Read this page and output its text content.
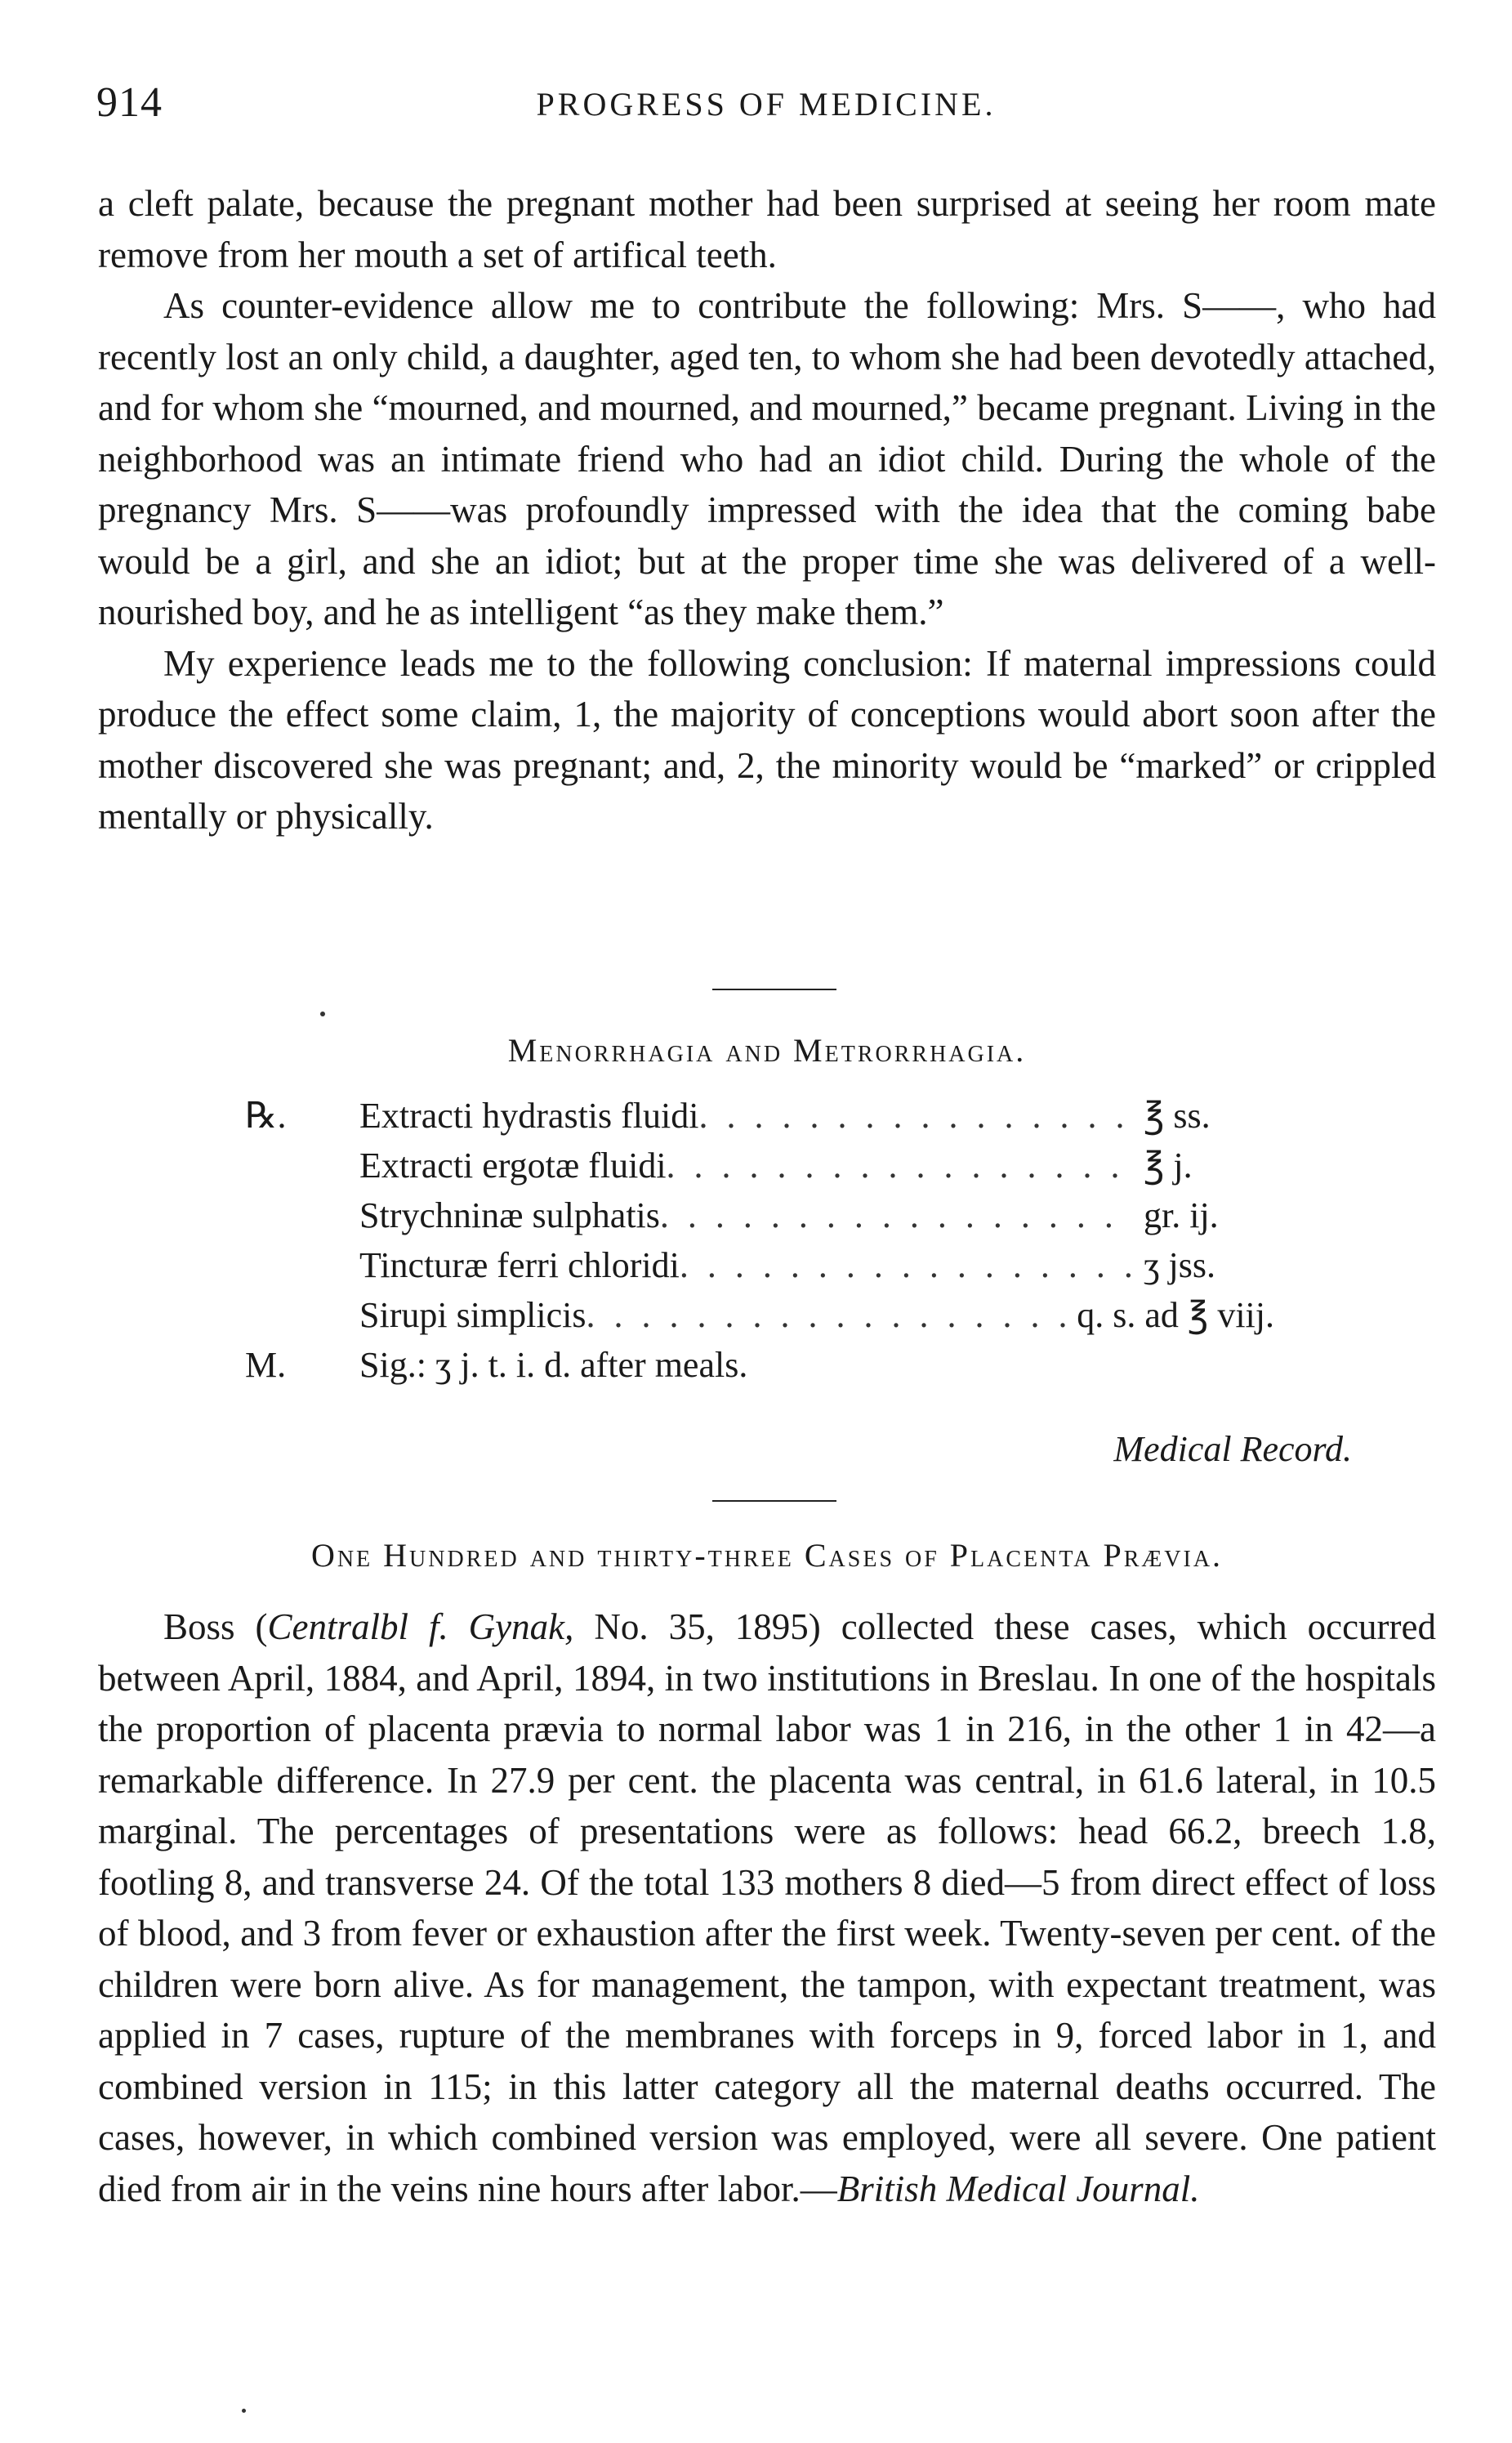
914	PROGRESS OF MEDICINE.

a cleft palate, because the pregnant mother had been surprised at seeing her room mate remove from her mouth a set of artifical teeth.

As counter-evidence allow me to contribute the following: Mrs. S——, who had recently lost an only child, a daughter, aged ten, to whom she had been devotedly attached, and for whom she “mourned, and mourned, and mourned,” became pregnant. Living in the neighborhood was an intimate friend who had an idiot child. During the whole of the pregnancy Mrs. S——was profoundly impressed with the idea that the coming babe would be a girl, and she an idiot; but at the proper time she was delivered of a well-nourished boy, and he as intelligent “as they make them.”

My experience leads me to the following conclusion: If maternal impressions could produce the effect some claim, 1, the majority of conceptions would abort soon after the mother discovered she was pregnant; and, 2, the minority would be “marked” or crippled mentally or physically.

Menorrhagia and Metrorrhagia.
℞.	Extracti hydrastis fluidi . . .	℥ ss.
Extracti ergotæ fluidi . . .	℥ j.
Strychninæ sulphatis . . .	gr. ij.
Tincturæ ferri chloridi . . .	ʒ jss.
Sirupi simplicis . . .	q. s. ad ℥ viij.
M.	Sig.: ʒ j. t. i. d. after meals.
Medical Record.
One Hundred and thirty-three Cases of Placenta Prævia.

Boss (Centralbl f. Gynak, No. 35, 1895) collected these cases, which occurred between April, 1884, and April, 1894, in two institutions in Breslau. In one of the hospitals the proportion of placenta prævia to normal labor was 1 in 216, in the other 1 in 42—a remarkable difference. In 27.9 per cent. the placenta was central, in 61.6 lateral, in 10.5 marginal. The percentages of presentations were as follows: head 66.2, breech 1.8, footling 8, and transverse 24. Of the total 133 mothers 8 died—5 from direct effect of loss of blood, and 3 from fever or exhaustion after the first week. Twenty-seven per cent. of the children were born alive. As for management, the tampon, with expectant treatment, was applied in 7 cases, rupture of the membranes with forceps in 9, forced labor in 1, and combined version in 115; in this latter category all the maternal deaths occurred. The cases, however, in which combined version was employed, were all severe. One patient died from air in the veins nine hours after labor.—British Medical Journal.
